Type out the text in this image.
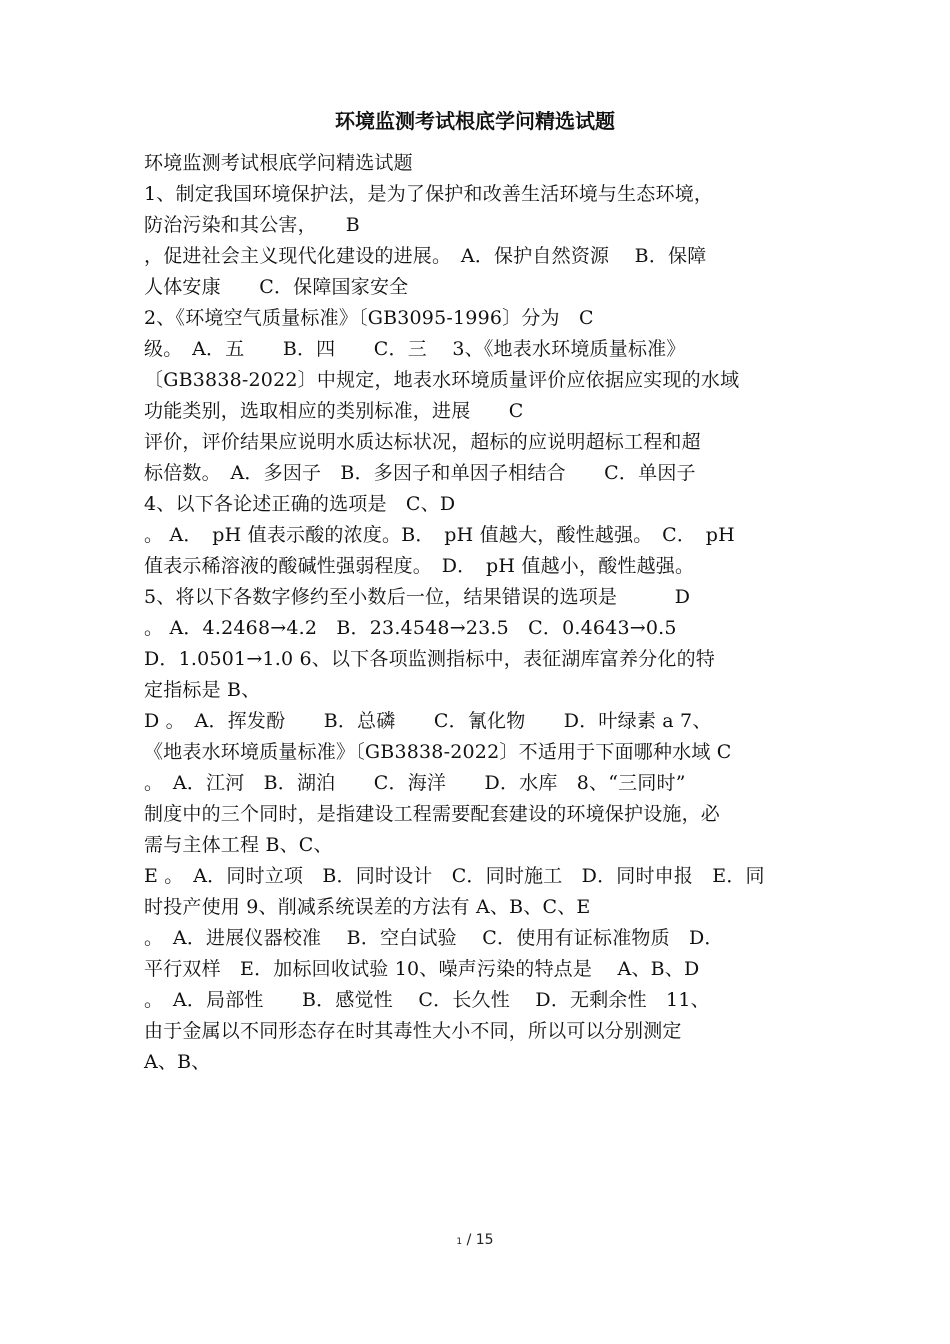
环境监测考试根底学问精选试题
环境监测考试根底学问精选试题
1、制定我国环境保护法，是为了保护和改善生活环境与生态环境，
防治污染和其公害，　　B
，促进社会主义现代化建设的进展。　A．保护自然资源　 B．保障
人体安康　　C．保障国家安全
2、《环境空气质量标准》〔GB3095-1996〕分为　C
级。　A．五　　B．四　　C．三　 3、《地表水环境质量标准》
〔GB3838-2022〕中规定，地表水环境质量评价应依据应实现的水域
功能类别，选取相应的类别标准，进展　　C
评价，评价结果应说明水质达标状况，超标的应说明超标工程和超
标倍数。　A．多因子　B．多因子和单因子相结合　　C．单因子
4、以下各论述正确的选项是　C、D
。 A．　pH 值表示酸的浓度。B．　pH 值越大，酸性越强。　C．　pH
值表示稀溶液的酸碱性强弱程度。　D．　pH 值越小，酸性越强。
5、将以下各数字修约至小数后一位，结果错误的选项是　　　D
。 A．4.2468→4.2　B．23.4548→23.5　C．0.4643→0.5
D．1.0501→1.0 6、以下各项监测指标中，表征湖库富养分化的特
定指标是 B、
D 。　A．挥发酚　　B．总磷　　C．氰化物　　D．叶绿素 a 7、
《地表水环境质量标准》〔GB3838-2022〕不适用于下面哪种水域 C
。　A．江河　B．湖泊　　C．海洋　　D．水库　8、“三同时”
制度中的三个同时，是指建设工程需要配套建设的环境保护设施，必
需与主体工程 B、C、
E 。　A．同时立项　B．同时设计　C．同时施工　D．同时申报　E．同
时投产使用 9、削减系统误差的方法有 A、B、C、E
。　A．进展仪器校准　 B．空白试验　 C．使用有证标准物质　D．
平行双样　E．加标回收试验 10、噪声污染的特点是　 A、B、D
。　A．局部性　　B．感觉性　 C．长久性　 D．无剩余性　11、
由于金属以不同形态存在时其毒性大小不同，所以可以分别测定
A、B、
1 / 15
